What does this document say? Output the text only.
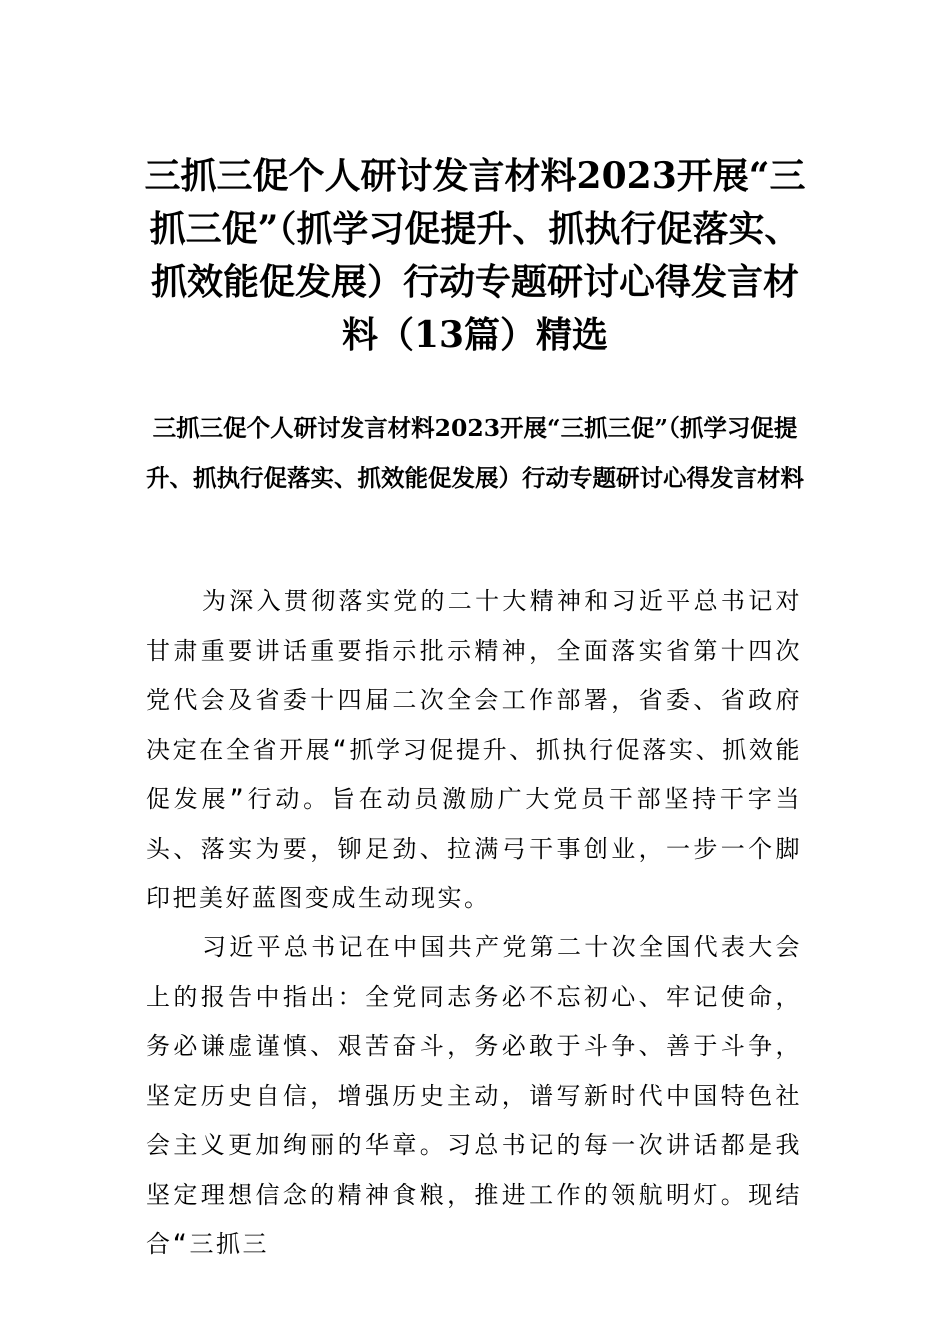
三抓三促个人研讨发言材料2023开展“三抓三促”（抓学习促提升、抓执行促落实、抓效能促发展）行动专题研讨心得发言材料（13篇）精选
三抓三促个人研讨发言材料2023开展“三抓三促”（抓学习促提升、抓执行促落实、抓效能促发展）行动专题研讨心得发言材料

为深入贯彻落实党的二十大精神和习近平总书记对甘肃重要讲话重要指示批示精神，全面落实省第十四次党代会及省委十四届二次全会工作部署，省委、省政府决定在全省开展“抓学习促提升、抓执行促落实、抓效能促发展”行动。旨在动员激励广大党员干部坚持干字当头、落实为要，铆足劲、拉满弓干事创业，一步一个脚印把美好蓝图变成生动现实。

习近平总书记在中国共产党第二十次全国代表大会上的报告中指出：全党同志务必不忘初心、牢记使命，务必谦虚谨慎、艰苦奋斗，务必敢于斗争、善于斗争，坚定历史自信，增强历史主动，谱写新时代中国特色社会主义更加绚丽的华章。习总书记的每一次讲话都是我坚定理想信念的精神食粮，推进工作的领航明灯。现结合“三抓三
